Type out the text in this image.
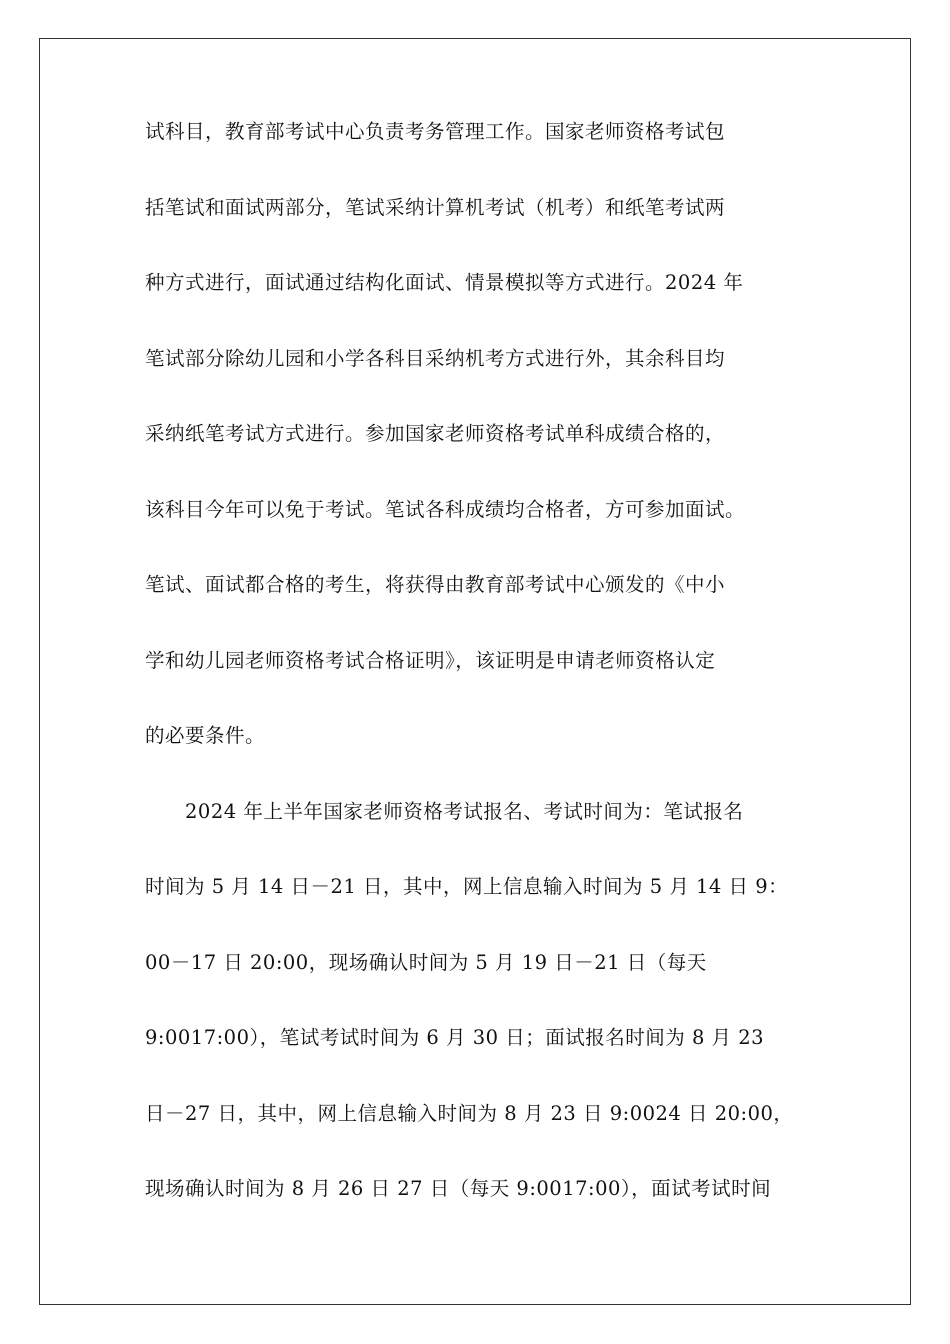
试科目，教育部考试中心负责考务管理工作。国家老师资格考试包
括笔试和面试两部分，笔试采纳计算机考试（机考）和纸笔考试两
种方式进行，面试通过结构化面试、情景模拟等方式进行。2024 年
笔试部分除幼儿园和小学各科目采纳机考方式进行外，其余科目均
采纳纸笔考试方式进行。参加国家老师资格考试单科成绩合格的，
该科目今年可以免于考试。笔试各科成绩均合格者，方可参加面试。
笔试、面试都合格的考生，将获得由教育部考试中心颁发的《中小
学和幼儿园老师资格考试合格证明》，该证明是申请老师资格认定
的必要条件。
2024 年上半年国家老师资格考试报名、考试时间为：笔试报名
时间为 5 月 14 日－21 日，其中，网上信息输入时间为 5 月 14 日 9：
00－17 日 20:00，现场确认时间为 5 月 19 日－21 日（每天
9:0017:00），笔试考试时间为 6 月 30 日；面试报名时间为 8 月 23
日－27 日，其中，网上信息输入时间为 8 月 23 日 9:0024 日 20:00，
现场确认时间为 8 月 26 日 27 日（每天 9:0017:00），面试考试时间
